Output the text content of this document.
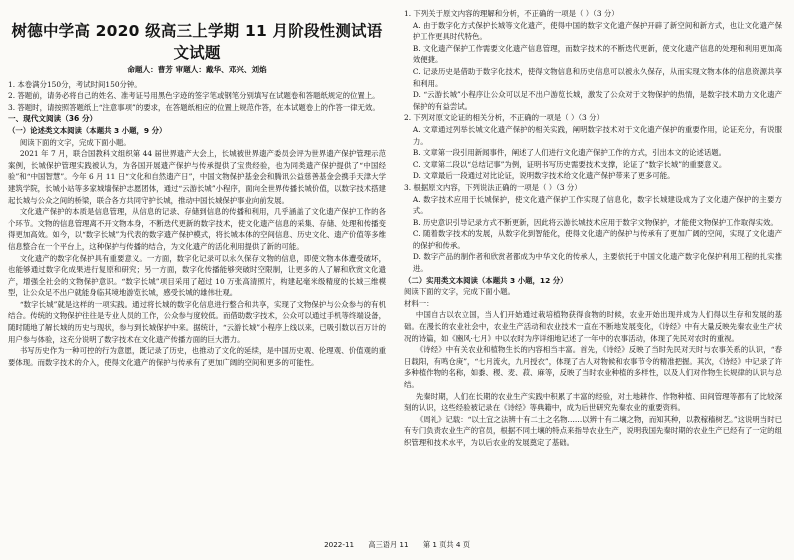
树德中学高 2020 级高三上学期 11 月阶段性测试语文试题
命题人：曹芳 审题人：戴华、邓兴、刘焰

1. 本卷满分150分，考试时间150分钟。

2. 答题前，请务必将自己的姓名、准考证号用黑色字迹的签字笔或钢笔分别填写在试题卷和答题纸规定的位置上。

3. 答题时，请按照答题纸上“注意事项”的要求，在答题纸相应的位置上规范作答，在本试题卷上的作答一律无效。

一、现代文阅读（36 分）
（一）论述类文本阅读（本题共 3 小题，9 分）

阅读下面的文字，完成下面小题。

2021 年 7 月，联合国教科文组织第 44 届世界遗产大会上，长城被世界遗产委员会评为世界遗产保护管理示范案例，长城保护管理实践被认为，为各国开展遗产保护与传承提供了宝贵经验，也为同类遗产保护提供了“中国经验”和“中国智慧”。今年 6 月 11 日“文化和自然遗产日”，中国文物保护基金会和腾讯公益慈善基金会携手天津大学建筑学院，长城小站等多家城墙保护志愿团体，通过“云游长城”小程序，面向全世界传播长城价值，以数字技术搭建起长城与公众之间的桥梁，联合各方共同守护长城，推动中国长城保护事业向前发展。

文化遗产保护的本质是信息管理，从信息的记录、存储到信息的传播和利用，几乎涵盖了文化遗产保护工作的各个环节。文物的信息管理离不开文物本身，不断迭代更新的数字技术，使文化遗产信息的采集、存储、处理和传播变得更加高效。如今，以“数字长城”为代表的数字遗产保护模式，将长城本体的空间信息、历史文化、遗产价值等多维信息整合在一个平台上，这种保护与传播的结合，为文化遗产的活化利用提供了新的可能。

文化遗产的数字化保护具有重要意义。一方面，数字化记录可以永久保存文物的信息，即使文物本体遭受破坏，也能够通过数字化成果进行复原和研究；另一方面，数字化传播能够突破时空限制，让更多的人了解和欣赏文化遗产，增强全社会的文物保护意识。“数字长城”项目采用了超过 10 万张高清照片，构建起毫米级精度的长城三维模型，让公众足不出户就能身临其境地游览长城，感受长城的雄伟壮观。

“数字长城”就是这样的一项实践。通过将长城的数字化信息进行整合和共享，实现了文物保护与公众参与的有机结合。传统的文物保护往往是专业人员的工作，公众参与度较低。而借助数字技术，公众可以通过手机等终端设备，随时随地了解长城的历史与现状，参与到长城保护中来。据统计，“云游长城”小程序上线以来，已吸引数以百万计的用户参与体验，这充分说明了数字技术在文化遗产传播方面的巨大潜力。

书写历史作为一种可控的行为意愿，既记录了历史，也推动了文化的延续，是中国历史观、伦理观、价值观的重要体现。而数字技术的介入，使得文化遗产的保护与传承有了更加广阔的空间和更多的可能性。

1. 下列关于原文内容的理解和分析，不正确的一项是（ ）（3 分）

A. 由于数字化方式保护长城等文化遗产，使得中国的数字文化遗产保护开辟了新空间和新方式，也让文化遗产保护工作更具时代特色。

B. 文化遗产保护工作需要文化遗产信息管理，而数字技术的不断迭代更新，使文化遗产信息的处理和利用更加高效便捷。

C. 记录历史是借助于数字化技术，使得文物信息和历史信息可以被永久保存，从而实现文物本体的信息资源共享和利用。

D. “云游长城”小程序让公众可以足不出户游览长城，激发了公众对于文物保护的热情，是数字技术助力文化遗产保护的有益尝试。

2. 下列对原文论证的相关分析，不正确的一项是（ ）（3 分）

A. 文章通过列举长城文化遗产保护的相关实践，阐明数字技术对于文化遗产保护的重要作用，论证充分，有说服力。

B. 文章第一段引用新闻事件，阐述了人们进行文化遗产保护工作的方式，引出本文的论述话题。

C. 文章第二段以“总结记事”为例，证明书写历史需要技术支撑，论证了“数字长城”的重要意义。

D. 文章最后一段通过对比论证，说明数字技术给文化遗产保护带来了更多可能。

3. 根据原文内容，下列说法正确的一项是（ ）（3 分）

A. 数字技术应用于长城保护，使文化遗产保护工作实现了信息化，数字长城建设成为了文化遗产保护的主要方式。

B. 历史意识引导记录方式不断更新，因此将云游长城技术应用于数字文物保护，才能使文物保护工作取得实效。

C. 随着数字技术的发展，从数字化到智能化，使得文化遗产的保护与传承有了更加广阔的空间，实现了文化遗产的保护和传承。

D. 数字产品的制作者和欣赏者都成为中华文化的传承人，主要依托于中国文化遗产数字化保护利用工程的扎实推进。

（二）实用类文本阅读（本题共 3 小题，12 分）

阅读下面的文字，完成下面小题。

材料一：

中国自古以农立国，当人们开始通过栽培植物获得食物的时候，农业开始出现并成为人们得以生存和发展的基础。在漫长的农业社会中，农业生产活动和农业技术一直在不断地发展变化，《诗经》中有大量反映先秦农业生产状况的诗篇，如《豳风·七月》中以农时为序详细地记述了一年中的农事活动，体现了先民对农时的重视。

《诗经》中有关农业和植物生长的内容相当丰富。首先，《诗经》反映了当时先民对天时与农事关系的认识，“春日载阳，有鸣仓庚”，“七月流火，九月授衣”，体现了古人对物候和农事节令的精准把握。其次，《诗经》中记录了许多种植作物的名称，如黍、稷、麦、菽、麻等，反映了当时农业种植的多样性，以及人们对作物生长规律的认识与总结。

先秦时期，人们在长期的农业生产实践中积累了丰富的经验，对土地耕作、作物种植、田间管理等都有了比较深刻的认识，这些经验被记录在《诗经》等典籍中，成为后世研究先秦农业的重要资料。

《周礼》记载：“以土宜之法辨十有二土之名物……以辨十有二壤之物，而知其种，以教稼穑树艺。”这说明当时已有专门负责农业生产的官员，根据不同土壤的特点来指导农业生产，说明我国先秦时期的农业生产已经有了一定的组织管理和技术水平，为以后农业的发展奠定了基础。

2022-11 高三语月 11 第 1 页共 4 页
